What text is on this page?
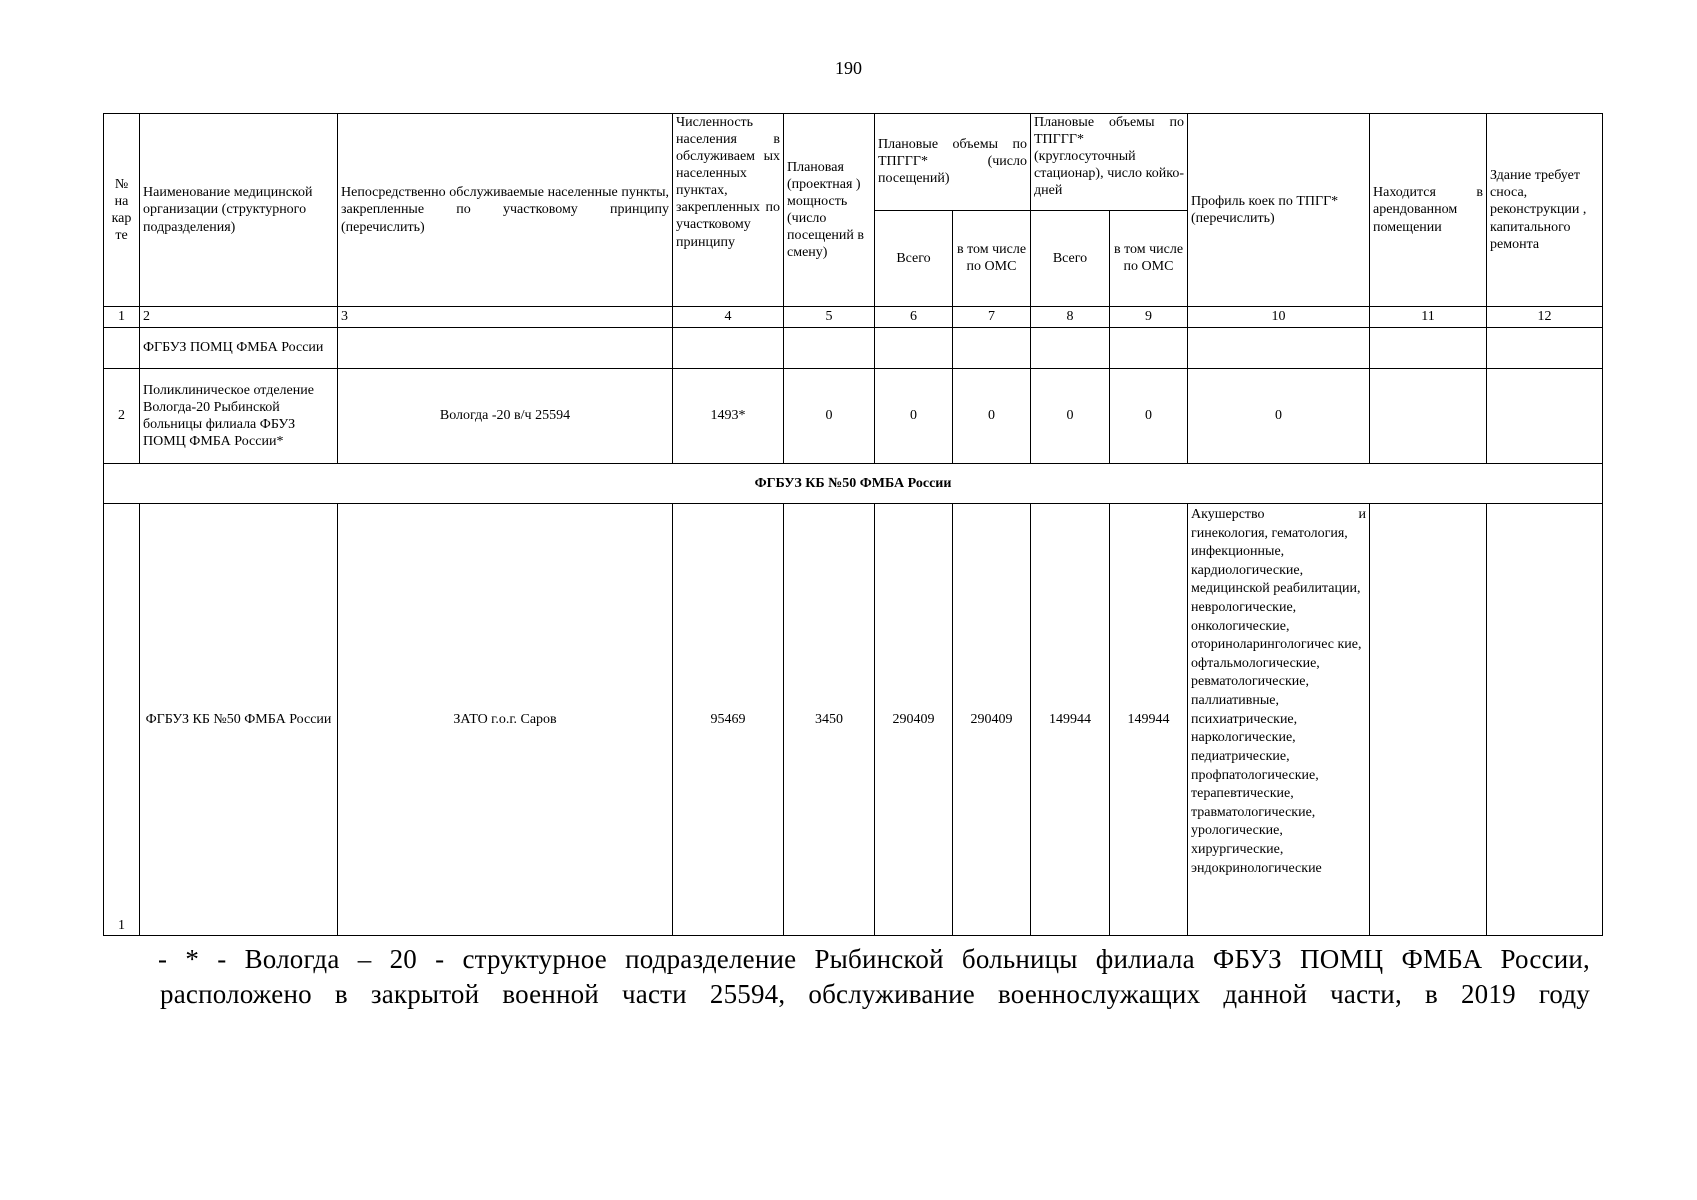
190
№ на кар те	Наименование медицинской организации (структурного подразделения)	Непосредственно обслуживаемые населенные пункты, закрепленные по участковому принципу (перечислить)	Численность населения в обслуживаем ых населенных пунктах, закрепленных по участковому принципу	Плановая (проектная ) мощность (число посещений в смену)	Плановые объемы по ТПГГГ* (число посещений)		Плановые объемы по ТПГГГ* (круглосуточный стационар), число койко-дней		Профиль коек по ТПГГ* (перечислить)	Находится в арендованном помещении	Здание требует сноса, реконструкции , капитального ремонта
					Всего	в том числе по ОМС	Всего	в том числе по ОМС			
1	2	3	4	5	6	7	8	9	10	11	12
	ФГБУЗ ПОМЦ ФМБА России										
2	Поликлиническое отделение Вологда-20 Рыбинской больницы филиала ФБУЗ ПОМЦ ФМБА России*	Вологда -20 в/ч 25594	1493*	0	0	0	0	0	0		
ФГБУЗ КБ №50 ФМБА России											
1	ФГБУЗ КБ №50 ФМБА России	ЗАТО г.о.г. Саров	95469	3450	290409	290409	149944	149944	Акушерство и
гинекология, гематология, инфекционные, кардиологические, медицинской реабилитации, неврологические, онкологические, оториноларингологичес кие, офтальмологические, ревматологические, паллиативные, психиатрические, наркологические, педиатрические, профпатологические, терапевтические, травматологические, урологические, хирургические, эндокринологические		

- * - Вологда – 20 - структурное подразделение Рыбинской больницы филиала ФБУЗ ПОМЦ ФМБА России,

расположено в закрытой военной части 25594, обслуживание военнослужащих данной части, в 2019 году
